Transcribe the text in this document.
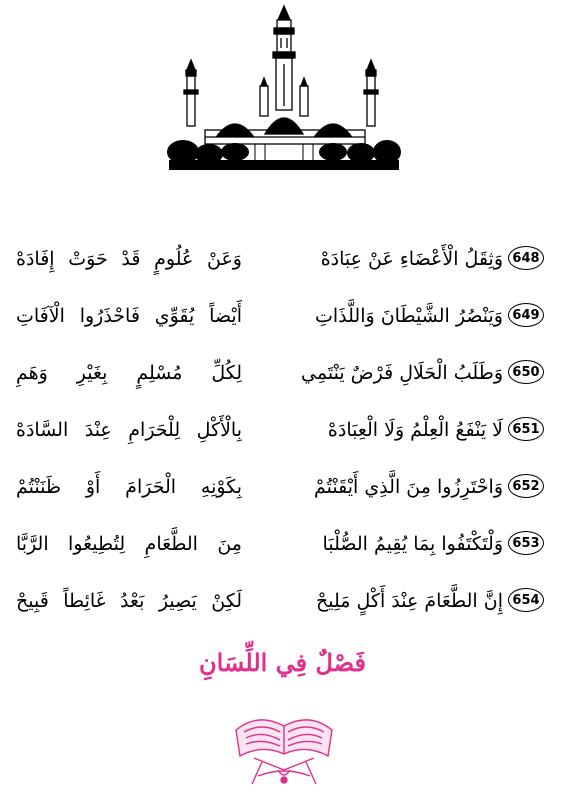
648
وَثِقَلُ الْأَعْضَاءِ عَنْ عِبَادَهْ
وَعَنْ عُلُومٍ قَدْ حَوَتْ إِفَادَهْ
649
وَيَنْصُرُ الشَّيْطَانَ وَاللَّذَاتِ
أَيْضاً يُقَوِّي فَاحْذَرُوا الْآفَاتِ
650
وَطَلَبُ الْحَلَالِ فَرْضٌ يَنْتَمِي
لِكُلِّ مُسْلِمٍ بِغَيْرِ وَهَمِ
651
لَا يَنْفَعُ الْعِلْمُ وَلَا الْعِبَادَهْ
بِالْأَكْلِ لِلْحَرَامِ عِنْدَ السَّادَهْ
652
وَاحْتَرِزُوا مِنَ الَّذِي أَيْقَنْتُمْ
بِكَوْنِهِ الْحَرَامَ أَوْ ظَنَنْتُمْ
653
وَلْتَكْتَفُوا بِمَا يُقِيمُ الصُّلْبَا
مِنَ الطَّعَامِ لِتُطِيعُوا الرَّبَّا
654
إِنَّ الطَّعَامَ عِنْدَ أَكْلٍ مَلِيحْ
لَكِنْ يَصِيرُ بَعْدُ غَائِطاً قَبِيحْ
فَصْلٌ فِي اللِّسَانِ
